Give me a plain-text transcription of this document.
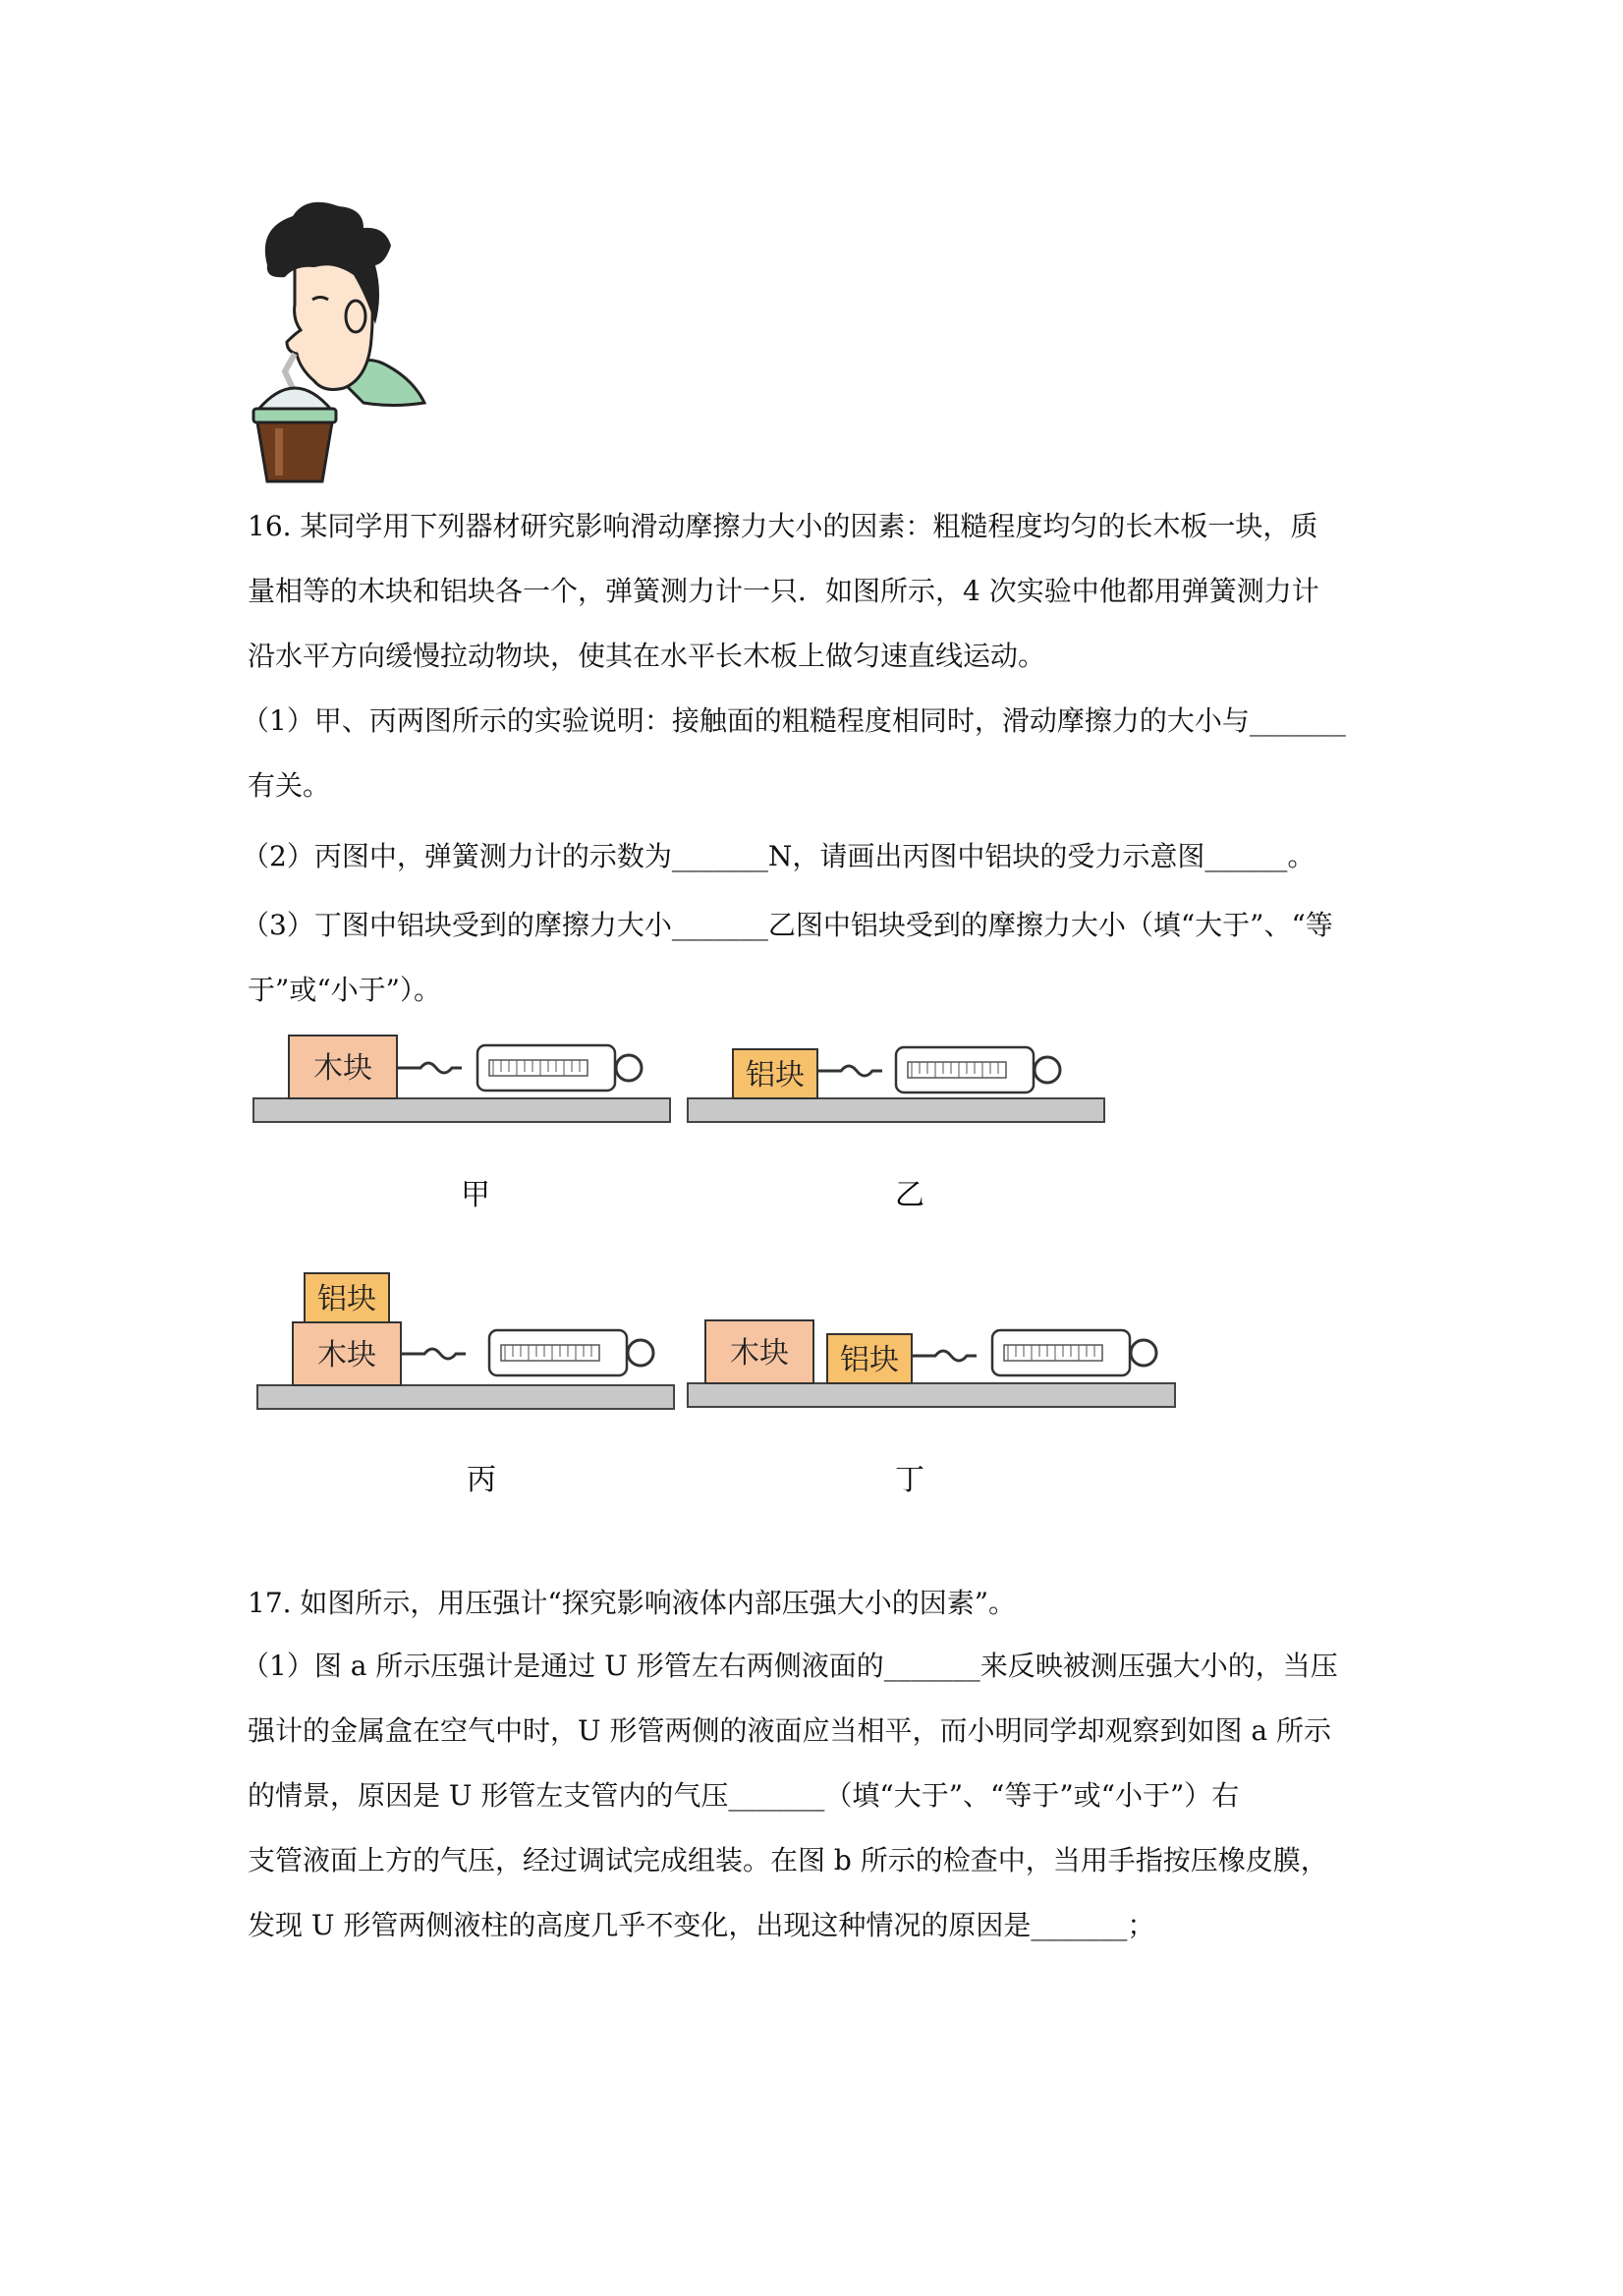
16. 某同学用下列器材研究影响滑动摩擦力大小的因素：粗糙程度均匀的长木板一块，质
量相等的木块和铝块各一个，弹簧测力计一只．如图所示，4 次实验中他都用弹簧测力计
沿水平方向缓慢拉动物块，使其在水平长木板上做匀速直线运动。
（1）甲、丙两图所示的实验说明：接触面的粗糙程度相同时，滑动摩擦力的大小与_______
有关。
（2）丙图中，弹簧测力计的示数为_______N，请画出丙图中铝块的受力示意图______。
（3）丁图中铝块受到的摩擦力大小_______乙图中铝块受到的摩擦力大小（填“大于”、“等
于”或“小于”）。
木块
甲
铝块
乙
铝块
木块
丙
木块 铝块
丁
17. 如图所示，用压强计“探究影响液体内部压强大小的因素”。
（1）图 a 所示压强计是通过 U 形管左右两侧液面的_______来反映被测压强大小的，当压
强计的金属盒在空气中时，U 形管两侧的液面应当相平，而小明同学却观察到如图 a 所示
的情景，原因是 U 形管左支管内的气压_______（填“大于”、“等于”或“小于”）右
支管液面上方的气压，经过调试完成组装。在图 b 所示的检查中，当用手指按压橡皮膜，
发现 U 形管两侧液柱的高度几乎不变化，出现这种情况的原因是_______；
